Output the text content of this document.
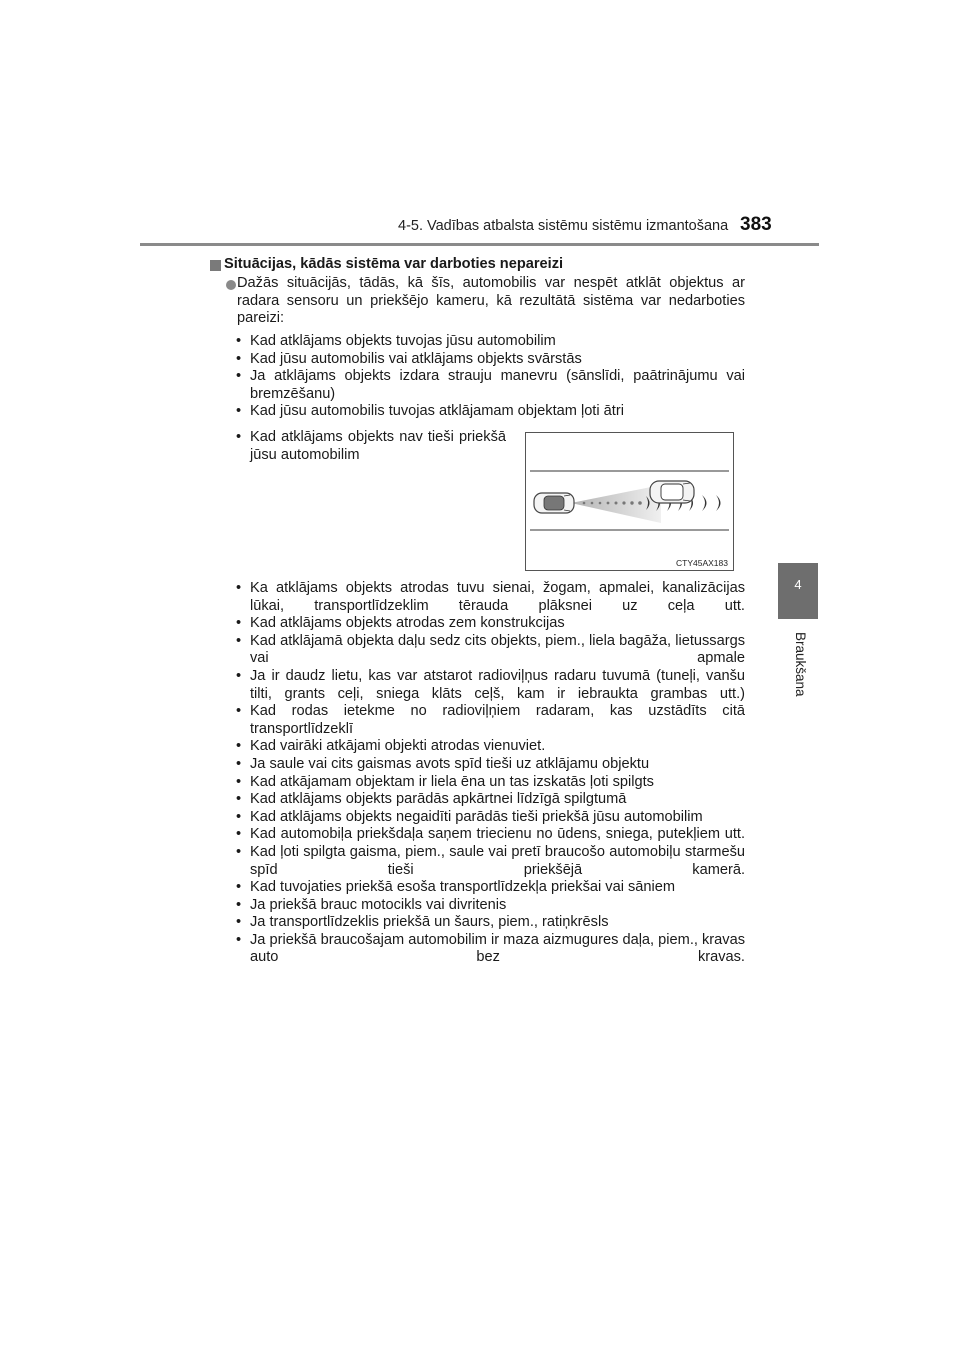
4-5. Vadības atbalsta sistēmu sistēmu izmantošana 383
4
Braukšana
Situācijas, kādās sistēma var darboties nepareizi
Dažās situācijās, tādās, kā šīs, automobilis var nespēt atklāt objektus ar
radara sensoru un priekšējo kameru, kā rezultātā sistēma var nedarboties
pareizi:
• Kad atklājams objekts tuvojas jūsu automobilim
• Kad jūsu automobilis vai atklājams objekts svārstās
• Ja atklājams objekts izdara strauju manevru (sānslīdi, paātrinājumu vai bremzēšanu)
• Kad jūsu automobilis tuvojas atklājamam objektam ļoti ātri
• Kad atklājams objekts nav tieši priekšā jūsu automobilim
CTY45AX183
• Ka atklājams objekts atrodas tuvu sienai, žogam, apmalei, kanalizācijas lūkai, transportlīdzeklim tērauda plāksnei uz ceļa utt.
• Kad atklājams objekts atrodas zem konstrukcijas
• Kad atklājamā objekta daļu sedz cits objekts, piem., liela bagāža, lietussargs vai apmale
• Ja ir daudz lietu, kas var atstarot radioviļņus radaru tuvumā (tuneļi, vanšu tilti, grants ceļi, sniega klāts ceļš, kam ir iebraukta grambas utt.)
• Kad rodas ietekme no radioviļņiem radaram, kas uzstādīts citā transportlīdzeklī
• Kad vairāki atkājami objekti atrodas vienuviet.
• Ja saule vai cits gaismas avots spīd tieši uz atklājamu objektu
• Kad atkājamam objektam ir liela ēna un tas izskatās ļoti spilgts
• Kad atklājams objekts parādās apkārtnei līdzīgā spilgtumā
• Kad atklājams objekts negaidīti parādās tieši priekšā jūsu automobilim
• Kad automobiļa priekšdaļa saņem triecienu no ūdens, sniega, putekļiem utt.
• Kad ļoti spilgta gaisma, piem., saule vai pretī braucošo automobiļu starmešu spīd tieši priekšējā kamerā.
• Kad tuvojaties priekšā esoša transportlīdzekļa priekšai vai sāniem
• Ja priekšā brauc motocikls vai divritenis
• Ja transportlīdzeklis priekšā un šaurs, piem., ratiņkrēsls
• Ja priekšā braucošajam automobilim ir maza aizmugures daļa, piem., kravas auto bez kravas.
